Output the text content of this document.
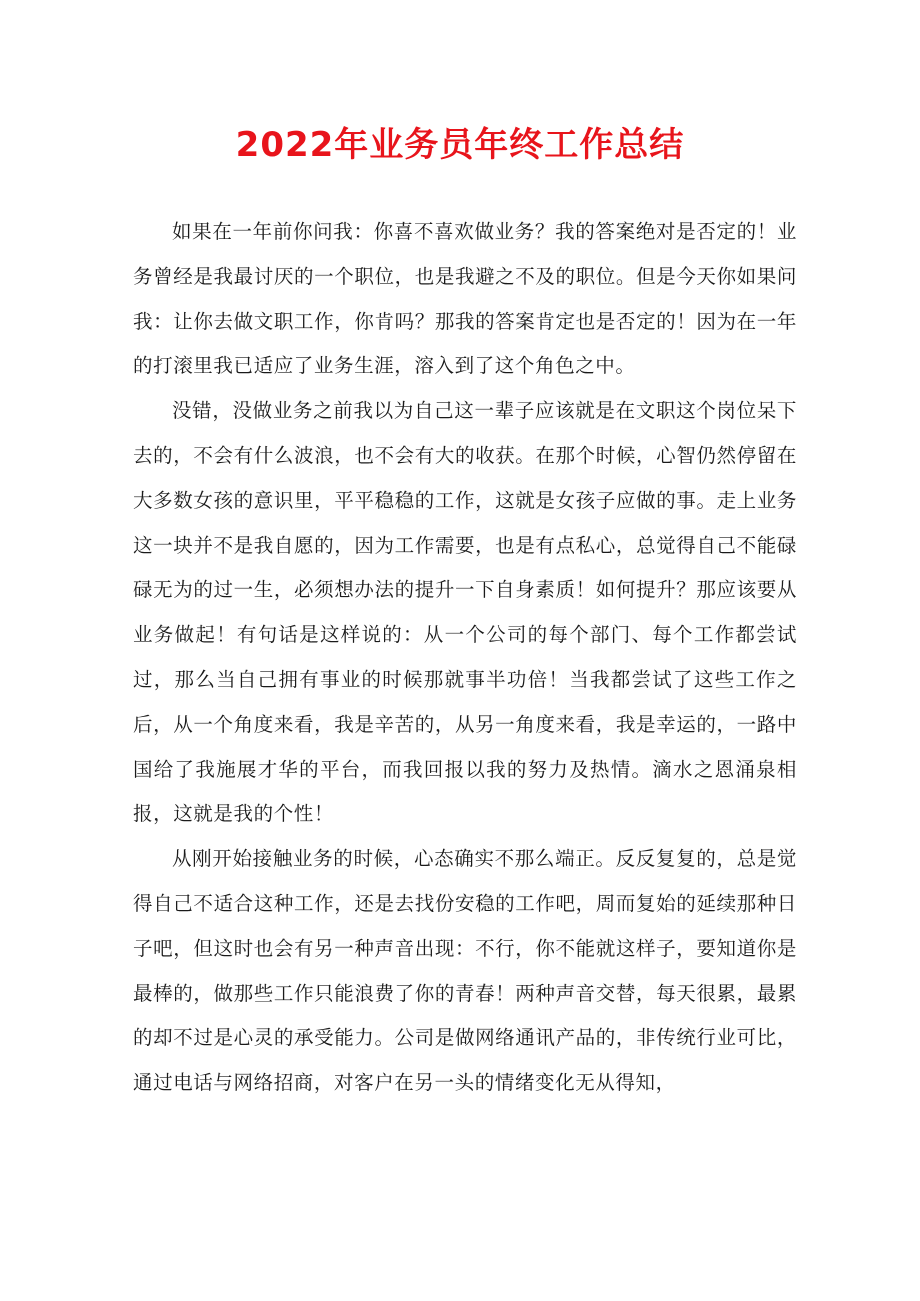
2022年业务员年终工作总结

如果在一年前你问我：你喜不喜欢做业务？我的答案绝对是否定的！业务曾经是我最讨厌的一个职位，也是我避之不及的职位。但是今天你如果问我：让你去做文职工作，你肯吗？那我的答案肯定也是否定的！因为在一年的打滚里我已适应了业务生涯，溶入到了这个角色之中。

没错，没做业务之前我以为自己这一辈子应该就是在文职这个岗位呆下去的，不会有什么波浪，也不会有大的收获。在那个时候，心智仍然停留在大多数女孩的意识里，平平稳稳的工作，这就是女孩子应做的事。走上业务这一块并不是我自愿的，因为工作需要，也是有点私心，总觉得自己不能碌碌无为的过一生，必须想办法的提升一下自身素质！如何提升？那应该要从业务做起！有句话是这样说的：从一个公司的每个部门、每个工作都尝试过，那么当自己拥有事业的时候那就事半功倍！当我都尝试了这些工作之后，从一个角度来看，我是辛苦的，从另一角度来看，我是幸运的，一路中国给了我施展才华的平台，而我回报以我的努力及热情。滴水之恩涌泉相报，这就是我的个性！

从刚开始接触业务的时候，心态确实不那么端正。反反复复的，总是觉得自己不适合这种工作，还是去找份安稳的工作吧，周而复始的延续那种日子吧，但这时也会有另一种声音出现：不行，你不能就这样子，要知道你是最棒的，做那些工作只能浪费了你的青春！两种声音交替，每天很累，最累的却不过是心灵的承受能力。公司是做网络通讯产品的，非传统行业可比，通过电话与网络招商，对客户在另一头的情绪变化无从得知，
